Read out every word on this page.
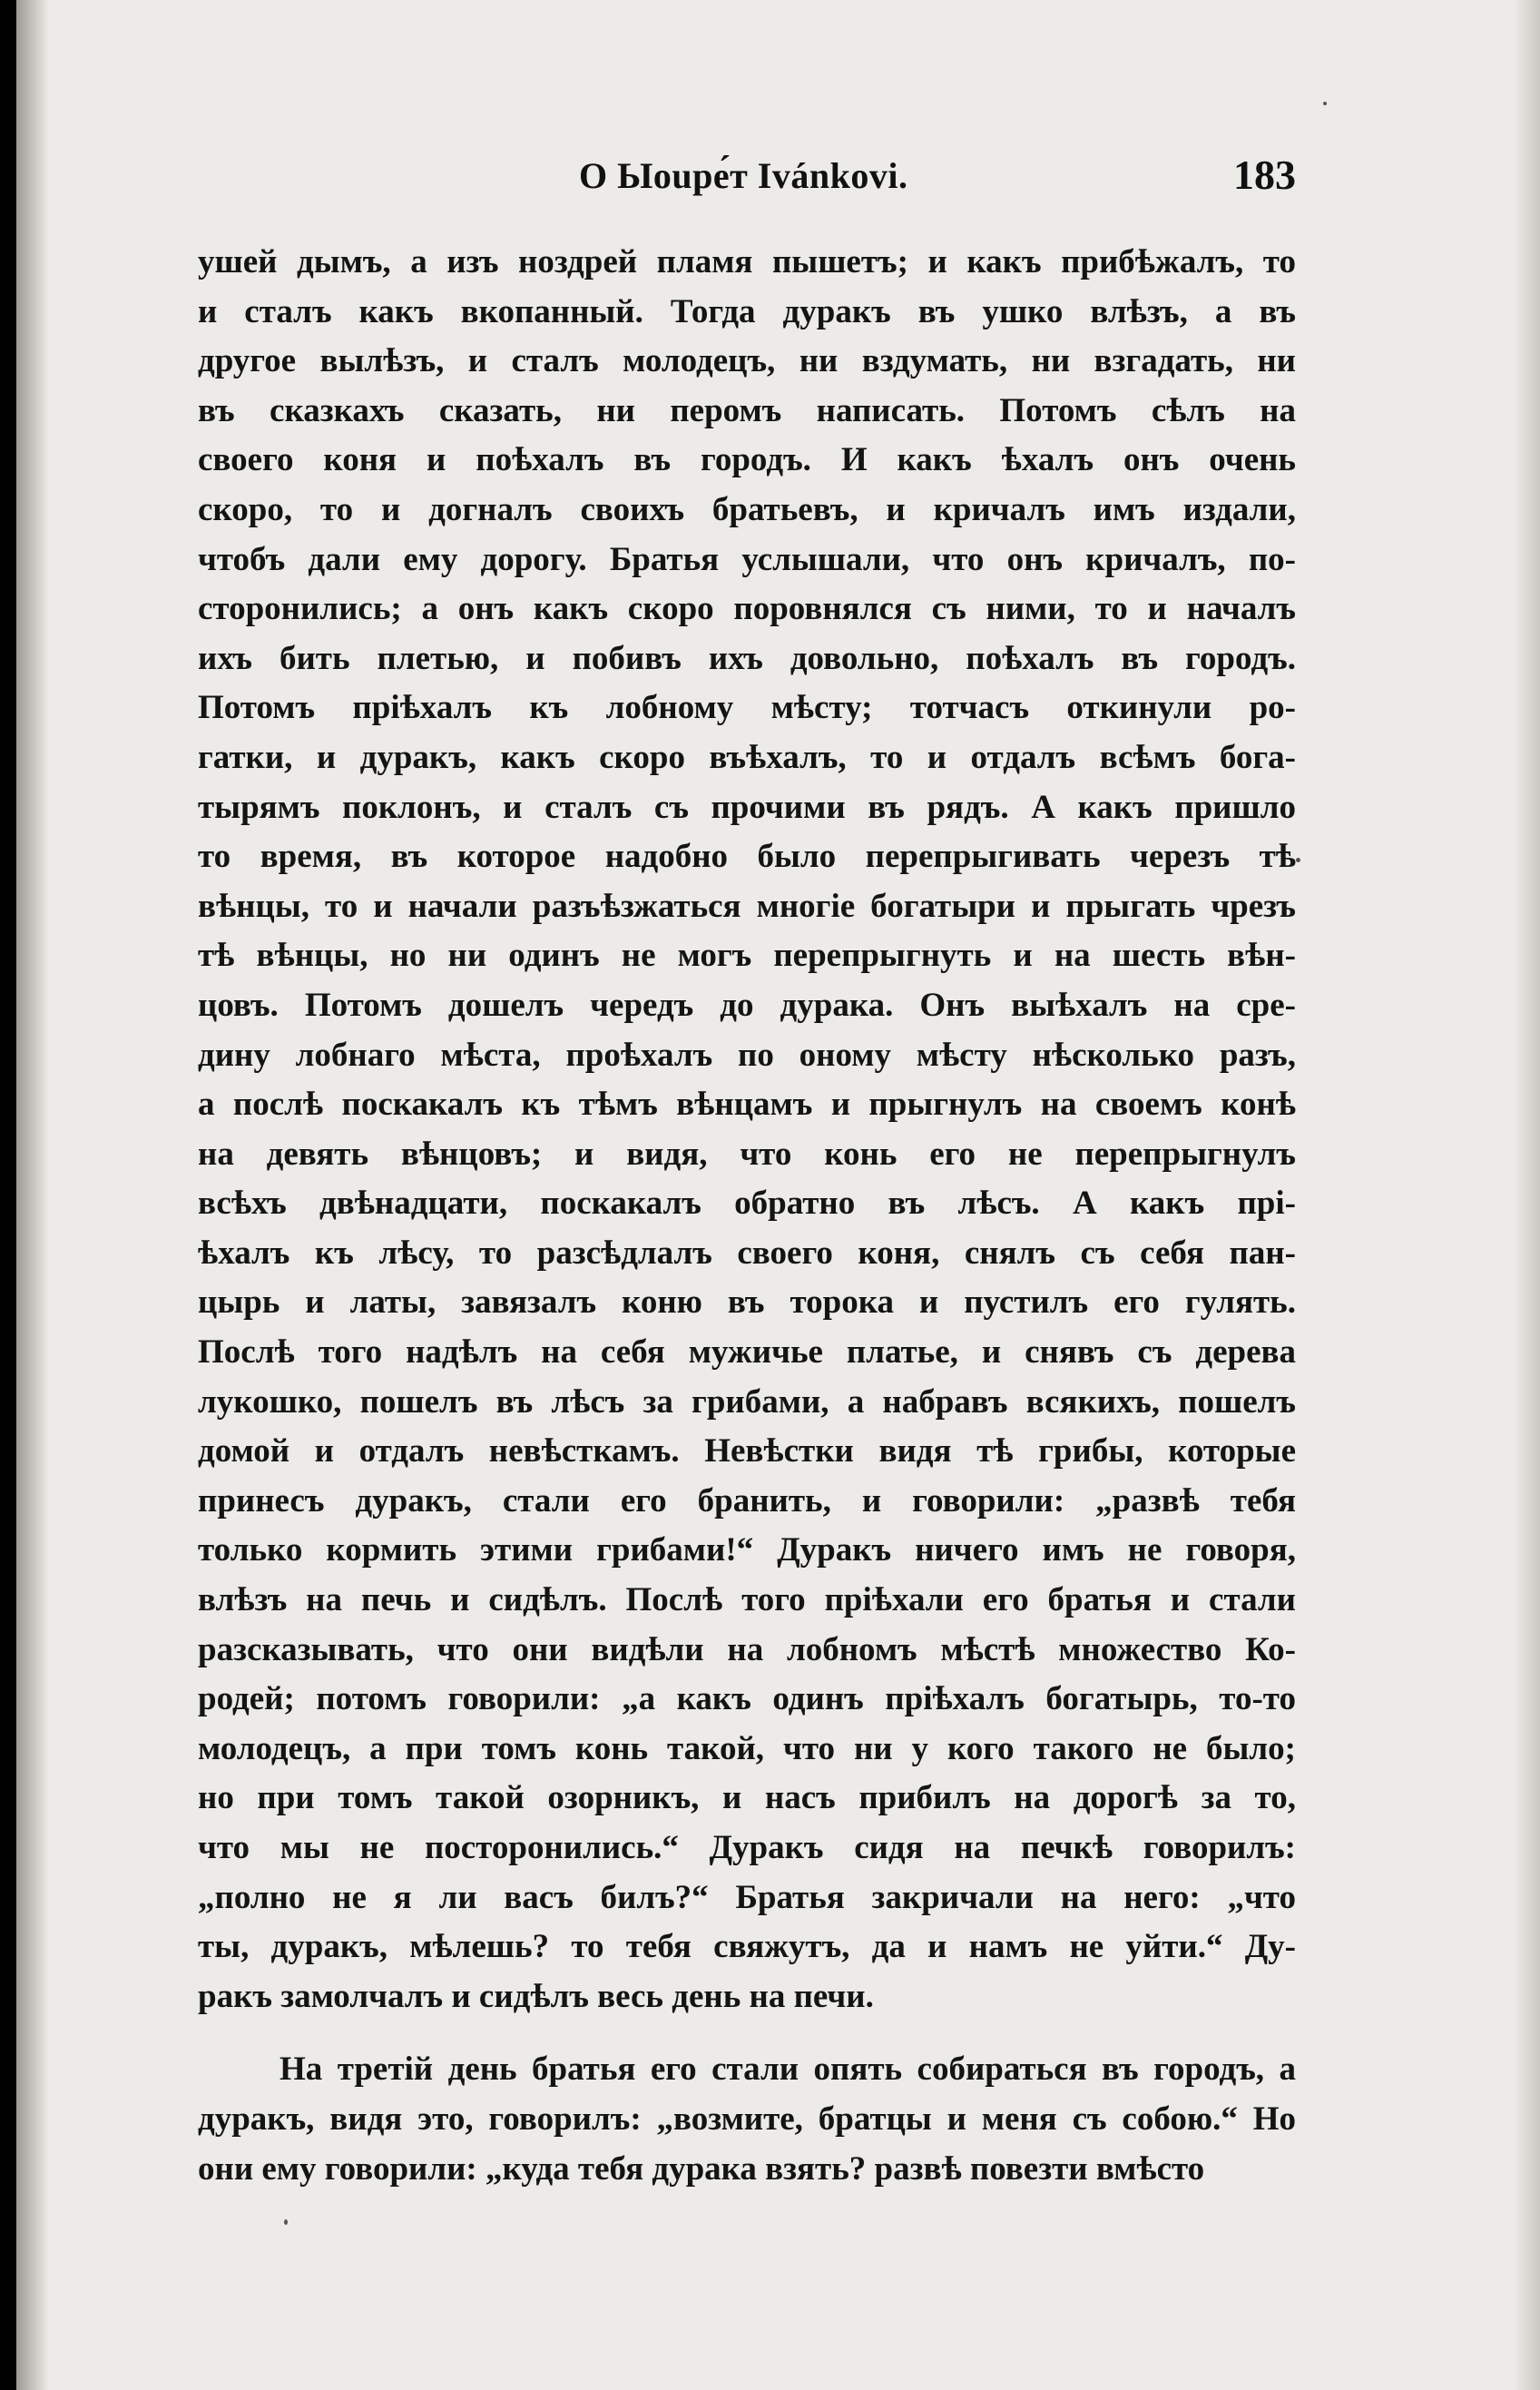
О Ыоuре́т Ivánkovi.	183
ушей дымъ, а изъ ноздрей пламя пышетъ; и какъ прибѣжалъ, то
и сталъ какъ вкопанный. Тогда дуракъ въ ушко влѣзъ, а въ
другое вылѣзъ, и сталъ молодецъ, ни вздумать, ни взгадать, ни
въ сказкахъ сказать, ни перомъ написать. Потомъ сѣлъ на
своего коня и поѣхалъ въ городъ. И какъ ѣхалъ онъ очень
скоро, то и догналъ своихъ братьевъ, и кричалъ имъ издали,
чтобъ дали ему дорогу. Братья услышали, что онъ кричалъ, по-
сторонились; а онъ какъ скоро поровнялся съ ними, то и началъ
ихъ бить плетью, и побивъ ихъ довольно, поѣхалъ въ городъ.
Потомъ прiѣхалъ къ лобному мѣсту; тотчасъ откинули ро-
гатки, и дуракъ, какъ скоро въѣхалъ, то и отдалъ всѣмъ бога-
тырямъ поклонъ, и сталъ съ прочими въ рядъ. А какъ пришло
то время, въ которое надобно было перепрыгивать черезъ тѣ
вѣнцы, то и начали разъѣзжаться многiе богатыри и прыгать чрезъ
тѣ вѣнцы, но ни одинъ не могъ перепрыгнуть и на шесть вѣн-
цовъ. Потомъ дошелъ чередъ до дурака. Онъ выѣхалъ на сре-
дину лобнаго мѣста, проѣхалъ по оному мѣсту нѣсколько разъ,
а послѣ поскакалъ къ тѣмъ вѣнцамъ и прыгнулъ на своемъ конѣ
на девять вѣнцовъ; и видя, что конь его не перепрыгнулъ
всѣхъ двѣнадцати, поскакалъ обратно въ лѣсъ. А какъ прi-
ѣхалъ къ лѣсу, то разсѣдлалъ своего коня, снялъ съ себя пан-
цырь и латы, завязалъ коню въ торока и пустилъ его гулять.
Послѣ того надѣлъ на себя мужичье платье, и снявъ съ дерева
лукошко, пошелъ въ лѣсъ за грибами, а набравъ всякихъ, пошелъ
домой и отдалъ невѣсткамъ. Невѣстки видя тѣ грибы, которые
принесъ дуракъ, стали его бранить, и говорили: „развѣ тебя
только кормить этими грибами!“ Дуракъ ничего имъ не говоря,
влѣзъ на печь и сидѣлъ. Послѣ того прiѣхали его братья и стали
разсказывать, что они видѣли на лобномъ мѣстѣ множество Ко-
родей; потомъ говорили: „а какъ одинъ прiѣхалъ богатырь, то-то
молодецъ, а при томъ конь такой, что ни у кого такого не было;
но при томъ такой озорникъ, и насъ прибилъ на дорогѣ за то,
что мы не посторонились.“ Дуракъ сидя на печкѣ говорилъ:
„полно не я ли васъ билъ?“ Братья закричали на него: „что
ты, дуракъ, мѣлешь? то тебя свяжутъ, да и намъ не уйти.“ Ду-
ракъ замолчалъ и сидѣлъ весь день на печи.
На третiй день братья его стали опять собираться въ городъ, а
дуракъ, видя это, говорилъ: „возмите, братцы и меня съ собою.“ Но
они ему говорили: „куда тебя дурака взять? развѣ повезти вмѣсто
